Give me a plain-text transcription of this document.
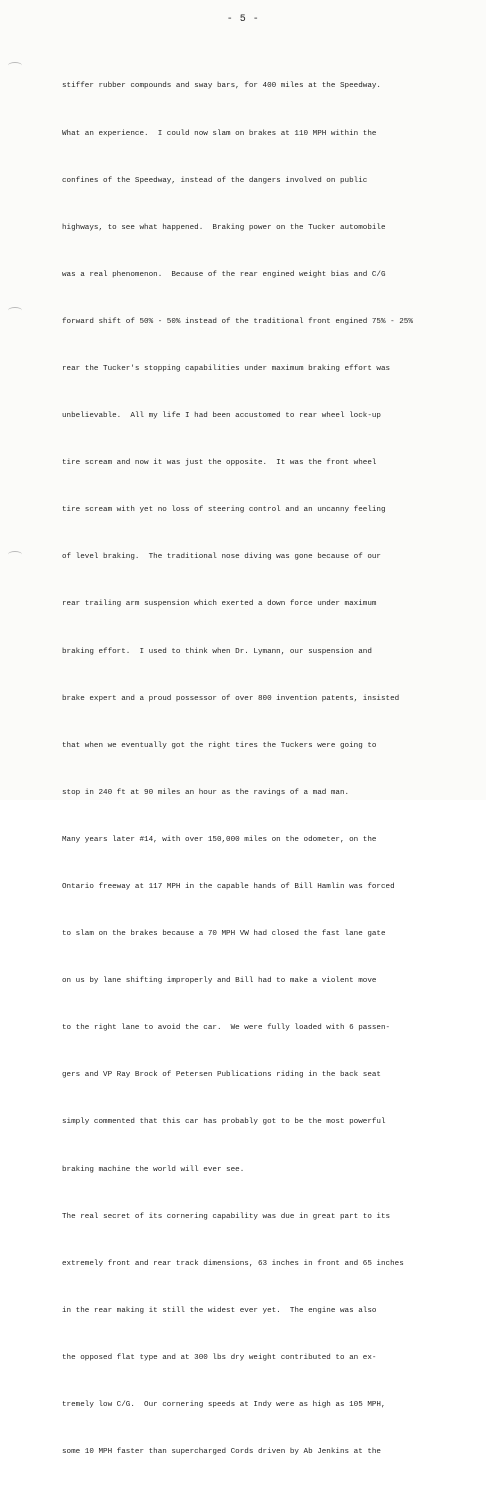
- 5 -

stiffer rubber compounds and sway bars, for 400 miles at the Speedway.

What an experience.  I could now slam on brakes at 110 MPH within the

confines of the Speedway, instead of the dangers involved on public

highways, to see what happened.  Braking power on the Tucker automobile

was a real phenomenon.  Because of the rear engined weight bias and C/G

forward shift of 50% - 50% instead of the traditional front engined 75% - 25%

rear the Tucker's stopping capabilities under maximum braking effort was

unbelievable.  All my life I had been accustomed to rear wheel lock-up

tire scream and now it was just the opposite.  It was the front wheel

tire scream with yet no loss of steering control and an uncanny feeling

of level braking.  The traditional nose diving was gone because of our

rear trailing arm suspension which exerted a down force under maximum

braking effort.  I used to think when Dr. Lymann, our suspension and

brake expert and a proud possessor of over 800 invention patents, insisted

that when we eventually got the right tires the Tuckers were going to

stop in 240 ft at 90 miles an hour as the ravings of a mad man.

Many years later #14, with over 150,000 miles on the odometer, on the

Ontario freeway at 117 MPH in the capable hands of Bill Hamlin was forced

to slam on the brakes because a 70 MPH VW had closed the fast lane gate

on us by lane shifting improperly and Bill had to make a violent move

to the right lane to avoid the car.  We were fully loaded with 6 passen-

gers and VP Ray Brock of Petersen Publications riding in the back seat

simply commented that this car has probably got to be the most powerful

braking machine the world will ever see.

The real secret of its cornering capability was due in great part to its

extremely front and rear track dimensions, 63 inches in front and 65 inches

in the rear making it still the widest ever yet.  The engine was also

the opposed flat type and at 300 lbs dry weight contributed to an ex-

tremely low C/G.  Our cornering speeds at Indy were as high as 105 MPH,

some 10 MPH faster than supercharged Cords driven by Ab Jenkins at the
